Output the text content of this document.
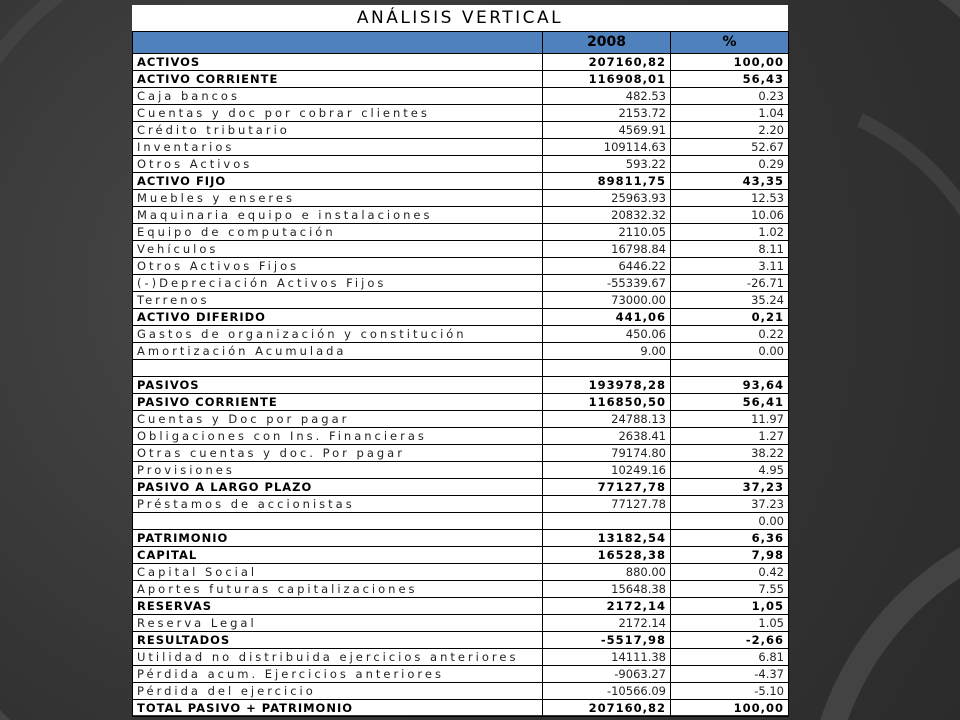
ANÁLISIS VERTICAL
	2008	%
ACTIVOS	207160,82	100,00
ACTIVO CORRIENTE	116908,01	56,43
Caja bancos	482.53	0.23
Cuentas y doc por cobrar clientes	2153.72	1.04
Crédito tributario	4569.91	2.20
Inventarios	109114.63	52.67
Otros Activos	593.22	0.29
ACTIVO FIJO	89811,75	43,35
Muebles y enseres	25963.93	12.53
Maquinaria equipo e instalaciones	20832.32	10.06
Equipo de computación	2110.05	1.02
Vehículos	16798.84	8.11
Otros Activos Fijos	6446.22	3.11
(-)Depreciación Activos Fijos	-55339.67	-26.71
Terrenos	73000.00	35.24
ACTIVO DIFERIDO	441,06	0,21
Gastos de organización y constitución	450.06	0.22
Amortización Acumulada	9.00	0.00

PASIVOS	193978,28	93,64
PASIVO CORRIENTE	116850,50	56,41
Cuentas y Doc por pagar	24788.13	11.97
Obligaciones con Ins. Financieras	2638.41	1.27
Otras cuentas y doc. Por pagar	79174.80	38.22
Provisiones	10249.16	4.95
PASIVO A LARGO PLAZO	77127,78	37,23
Préstamos de accionistas	77127.78	37.23
		0.00
PATRIMONIO	13182,54	6,36
CAPITAL	16528,38	7,98
Capital Social	880.00	0.42
Aportes futuras capitalizaciones	15648.38	7.55
RESERVAS	2172,14	1,05
Reserva Legal	2172.14	1.05
RESULTADOS	-5517,98	-2,66
Utilidad no distribuida ejercicios anteriores	14111.38	6.81
Pérdida acum. Ejercicios anteriores	-9063.27	-4.37
Pérdida del ejercicio	-10566.09	-5.10
TOTAL PASIVO + PATRIMONIO	207160,82	100,00
